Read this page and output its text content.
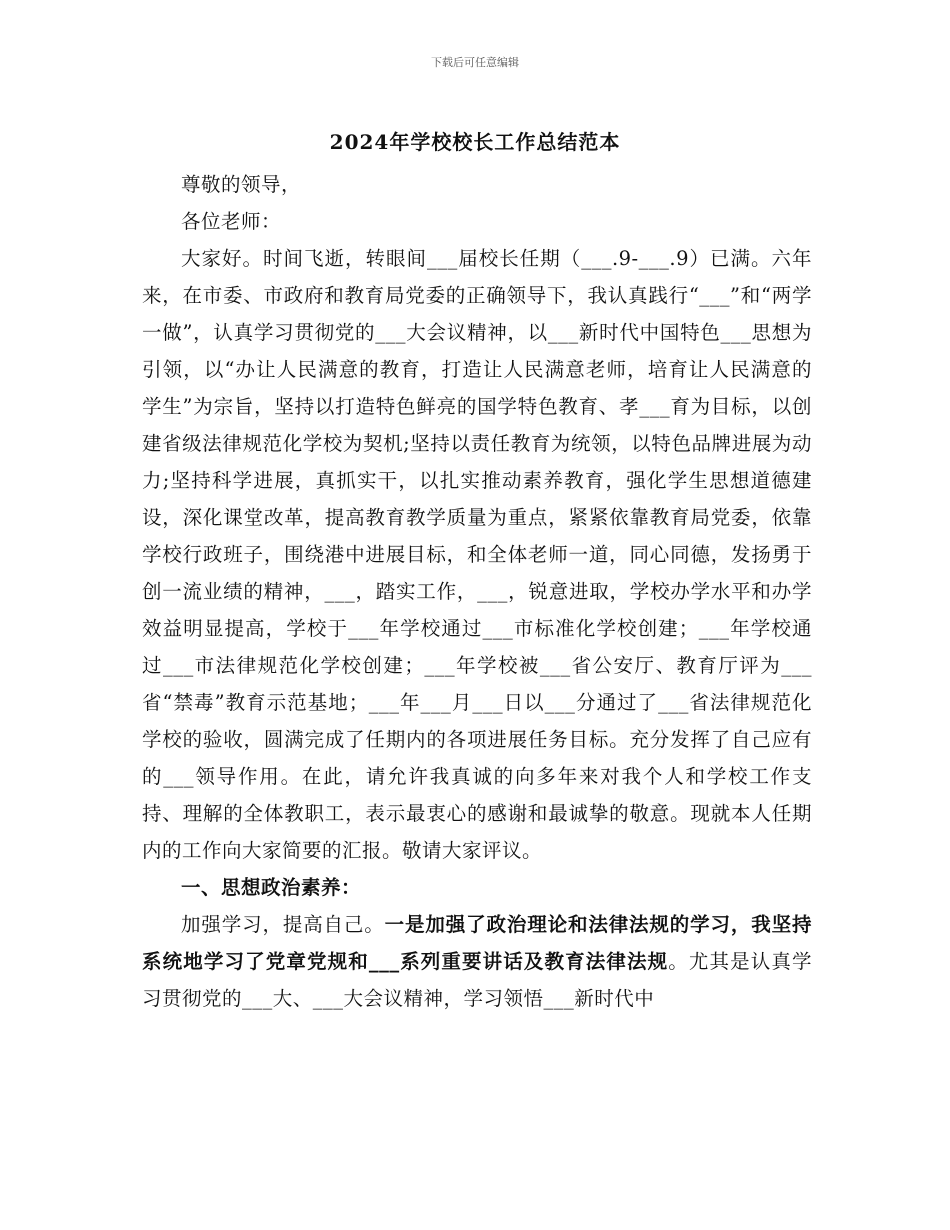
下载后可任意编辑
2024年学校校长工作总结范本

尊敬的领导，

各位老师：

大家好。时间飞逝，转眼间___届校长任期（___.9-___.9）已满。六年来，在市委、市政府和教育局党委的正确领导下，我认真践行“___”和“两学一做”，认真学习贯彻党的___大会议精神，以___新时代中国特色___思想为引领，以“办让人民满意的教育，打造让人民满意老师，培育让人民满意的学生”为宗旨，坚持以打造特色鲜亮的国学特色教育、孝___育为目标，以创建省级法律规范化学校为契机;坚持以责任教育为统领，以特色品牌进展为动力;坚持科学进展，真抓实干，以扎实推动素养教育，强化学生思想道德建设，深化课堂改革，提高教育教学质量为重点，紧紧依靠教育局党委，依靠学校行政班子，围绕港中进展目标，和全体老师一道，同心同德，发扬勇于创一流业绩的精神，___，踏实工作，___，锐意进取，学校办学水平和办学效益明显提高，学校于___年学校通过___市标准化学校创建；___年学校通过___市法律规范化学校创建；___年学校被___省公安厅、教育厅评为___省“禁毒”教育示范基地；___年___月___日以___分通过了___省法律规范化学校的验收，圆满完成了任期内的各项进展任务目标。充分发挥了自己应有的___领导作用。在此，请允许我真诚的向多年来对我个人和学校工作支持、理解的全体教职工，表示最衷心的感谢和最诚挚的敬意。现就本人任期内的工作向大家简要的汇报。敬请大家评议。

一、思想政治素养：

加强学习，提高自己。一是加强了政治理论和法律法规的学习，我坚持系统地学习了党章党规和___系列重要讲话及教育法律法规。尤其是认真学习贯彻党的___大、___大会议精神，学习领悟___新时代中
